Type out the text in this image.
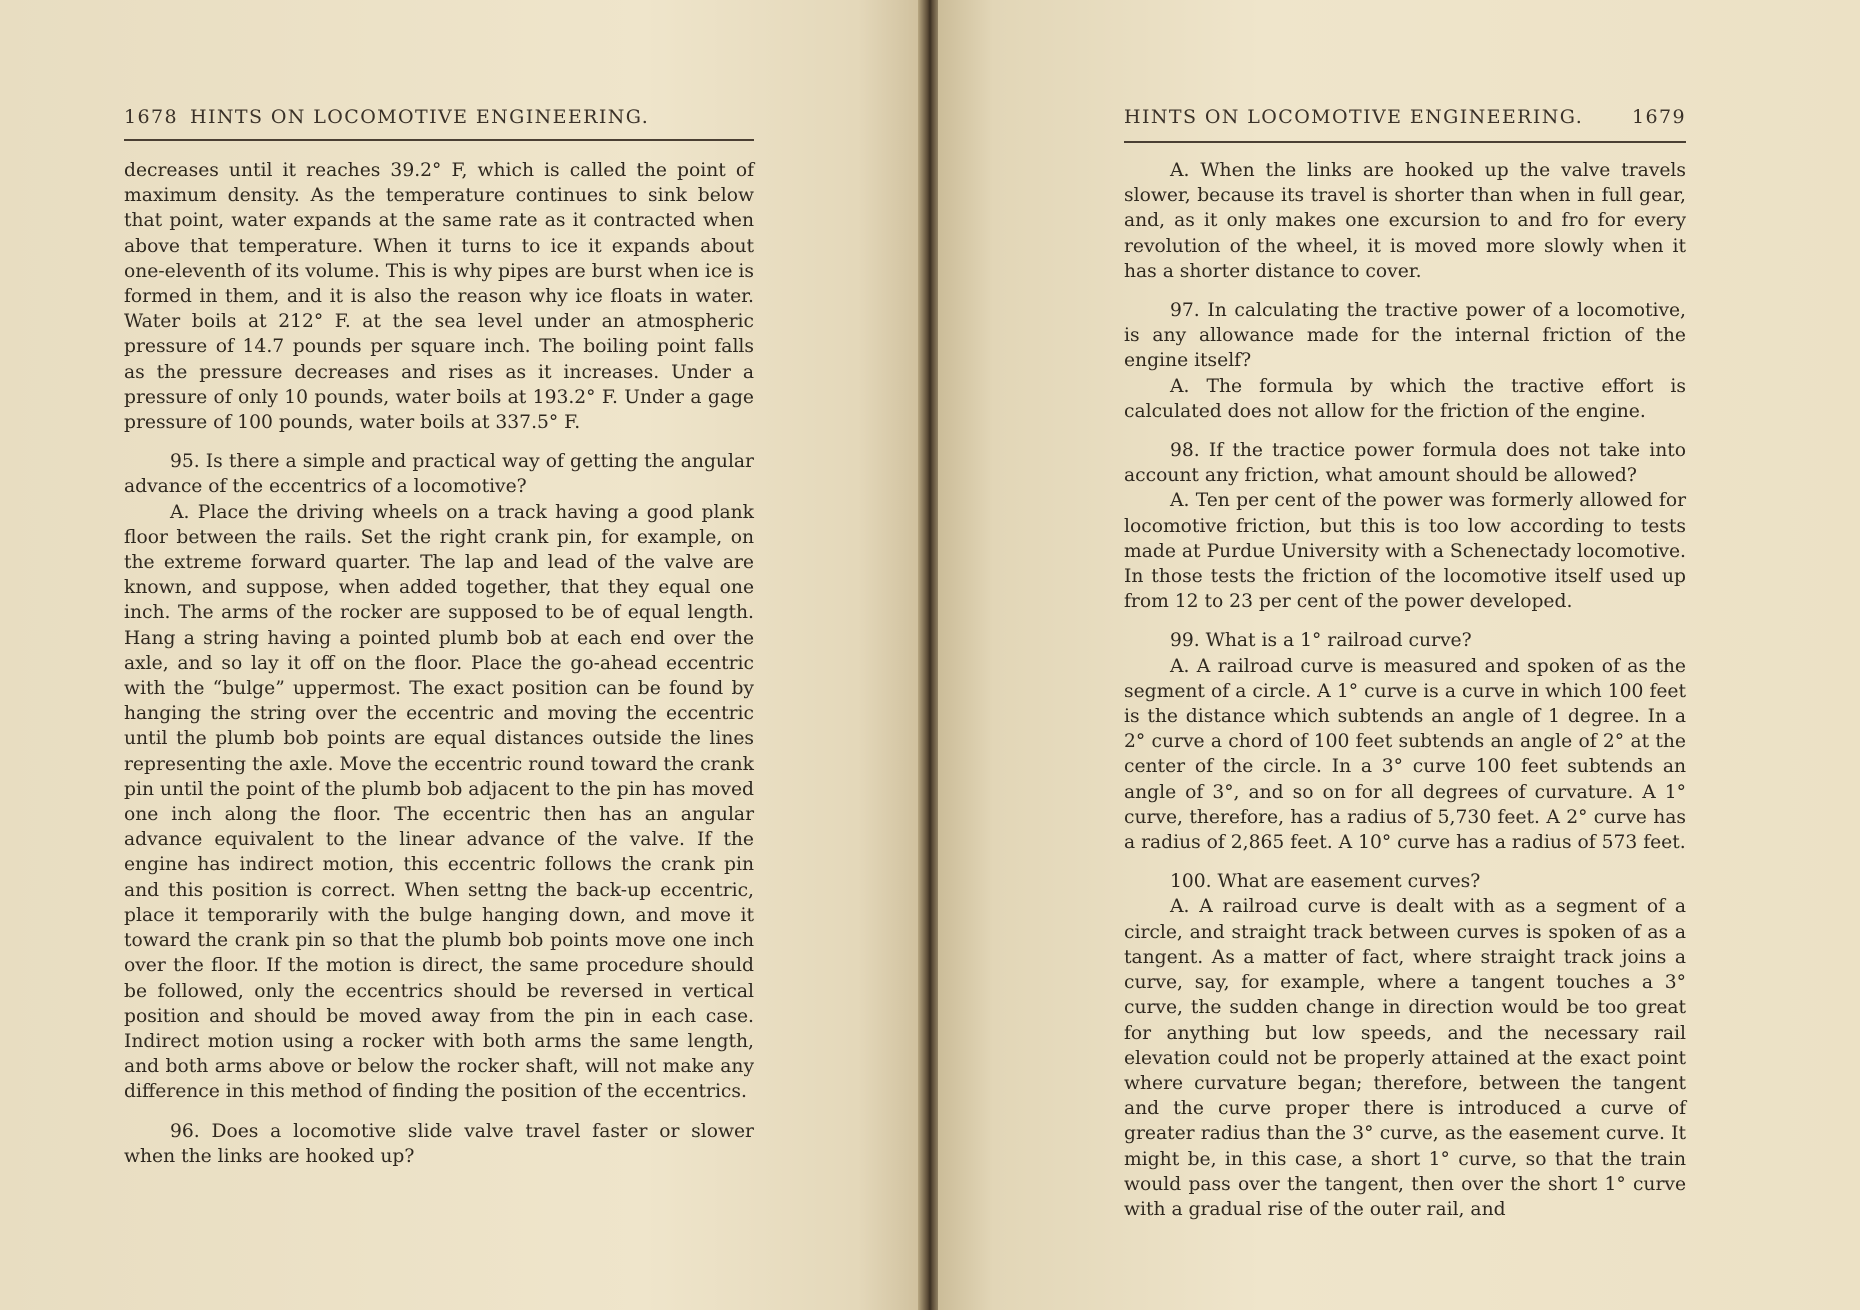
1678 HINTS ON LOCOMOTIVE ENGINEERING.

decreases until it reaches 39.2° F, which is called the point of maximum density. As the temperature continues to sink below that point, water expands at the same rate as it contracted when above that temperature. When it turns to ice it expands about one-eleventh of its volume. This is why pipes are burst when ice is formed in them, and it is also the reason why ice floats in water. Water boils at 212° F. at the sea level under an atmospheric pressure of 14.7 pounds per square inch. The boiling point falls as the pressure decreases and rises as it increases. Under a pressure of only 10 pounds, water boils at 193.2° F. Under a gage pressure of 100 pounds, water boils at 337.5° F.

95. Is there a simple and practical way of getting the angular advance of the eccentrics of a locomotive?

A. Place the driving wheels on a track having a good plank floor between the rails. Set the right crank pin, for example, on the extreme forward quarter. The lap and lead of the valve are known, and suppose, when added together, that they equal one inch. The arms of the rocker are supposed to be of equal length. Hang a string having a pointed plumb bob at each end over the axle, and so lay it off on the floor. Place the go-ahead eccentric with the “bulge” uppermost. The exact position can be found by hanging the string over the eccentric and moving the eccentric until the plumb bob points are equal distances outside the lines representing the axle. Move the eccentric round toward the crank pin until the point of the plumb bob adjacent to the pin has moved one inch along the floor. The eccentric then has an angular advance equivalent to the linear advance of the valve. If the engine has indirect motion, this eccentric follows the crank pin and this position is correct. When settng the back-up eccentric, place it temporarily with the bulge hanging down, and move it toward the crank pin so that the plumb bob points move one inch over the floor. If the motion is direct, the same procedure should be followed, only the eccentrics should be reversed in vertical position and should be moved away from the pin in each case. Indirect motion using a rocker with both arms the same length, and both arms above or below the rocker shaft, will not make any difference in this method of finding the position of the eccentrics.

96. Does a locomotive slide valve travel faster or slower when the links are hooked up?

HINTS ON LOCOMOTIVE ENGINEERING.	1679

A. When the links are hooked up the valve travels slower, because its travel is shorter than when in full gear, and, as it only makes one excursion to and fro for every revolution of the wheel, it is moved more slowly when it has a shorter distance to cover.

97. In calculating the tractive power of a locomotive, is any allowance made for the internal friction of the engine itself?

A. The formula by which the tractive effort is calculated does not allow for the friction of the engine.

98. If the tractice power formula does not take into account any friction, what amount should be allowed?

A. Ten per cent of the power was formerly allowed for locomotive friction, but this is too low according to tests made at Purdue University with a Schenectady locomotive. In those tests the friction of the locomotive itself used up from 12 to 23 per cent of the power developed.

99. What is a 1° railroad curve?

A. A railroad curve is measured and spoken of as the segment of a circle. A 1° curve is a curve in which 100 feet is the distance which subtends an angle of 1 degree. In a 2° curve a chord of 100 feet subtends an angle of 2° at the center of the circle. In a 3° curve 100 feet subtends an angle of 3°, and so on for all degrees of curvature. A 1° curve, therefore, has a radius of 5,730 feet. A 2° curve has a radius of 2,865 feet. A 10° curve has a radius of 573 feet.

100. What are easement curves?

A. A railroad curve is dealt with as a segment of a circle, and straight track between curves is spoken of as a tangent. As a matter of fact, where straight track joins a curve, say, for example, where a tangent touches a 3° curve, the sudden change in direction would be too great for anything but low speeds, and the necessary rail elevation could not be properly attained at the exact point where curvature began; therefore, between the tangent and the curve proper there is introduced a curve of greater radius than the 3° curve, as the easement curve. It might be, in this case, a short 1° curve, so that the train would pass over the tangent, then over the short 1° curve with a gradual rise of the outer rail, and
